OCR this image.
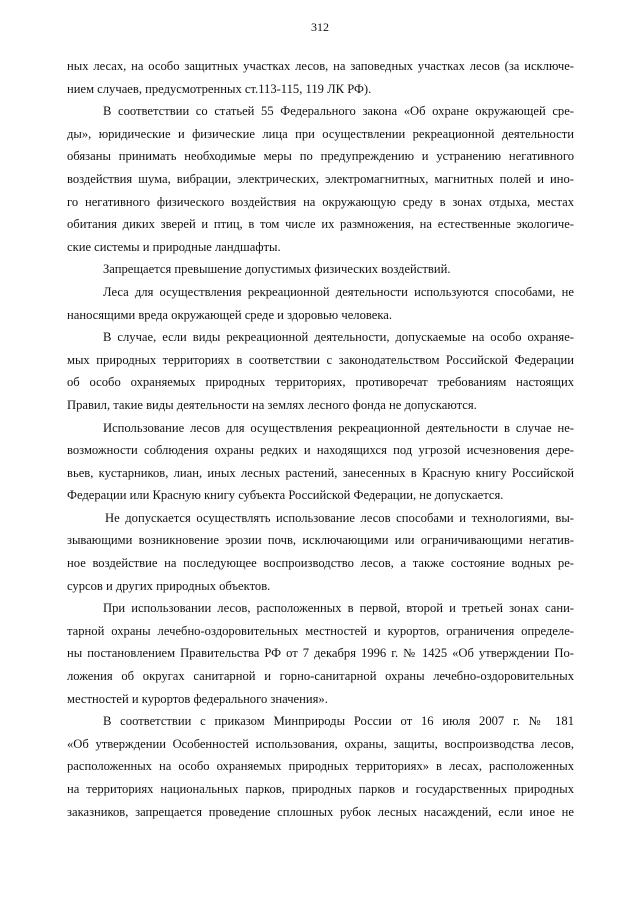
312
ных лесах, на особо защитных участках лесов, на заповедных участках лесов (за исключе-
нием случаев, предусмотренных ст.113-115, 119 ЛК РФ).
В соответствии со статьей 55 Федерального закона «Об охране окружающей сре-
ды», юридические и физические лица при осуществлении рекреационной деятельности
обязаны принимать необходимые меры по предупреждению и устранению негативного
воздействия шума, вибрации, электрических, электромагнитных, магнитных полей и ино-
го негативного физического воздействия на окружающую среду в зонах отдыха, местах
обитания диких зверей и птиц, в том числе их размножения, на естественные экологиче-
ские системы и природные ландшафты.
Запрещается превышение допустимых физических воздействий.
Леса для осуществления рекреационной деятельности используются способами, не
наносящими вреда окружающей среде и здоровью человека.
В случае, если виды рекреационной деятельности, допускаемые на особо охраняе-
мых природных территориях в соответствии с законодательством Российской Федерации
об особо охраняемых природных территориях, противоречат требованиям настоящих
Правил, такие виды деятельности на землях лесного фонда не допускаются.
Использование лесов для осуществления рекреационной деятельности в случае не-
возможности соблюдения охраны редких и находящихся под угрозой исчезновения дере-
вьев, кустарников, лиан, иных лесных растений, занесенных в Красную книгу Российской
Федерации или Красную книгу субъекта Российской Федерации, не допускается.
Не допускается осуществлять использование лесов способами и технологиями, вы-
зывающими возникновение эрозии почв, исключающими или ограничивающими негатив-
ное воздействие на последующее воспроизводство лесов, а также состояние водных ре-
сурсов и других природных объектов.
При использовании лесов, расположенных в первой, второй и третьей зонах сани-
тарной охраны лечебно-оздоровительных местностей и курортов, ограничения определе-
ны постановлением Правительства РФ от 7 декабря 1996 г. № 1425 «Об утверждении По-
ложения об округах санитарной и горно-санитарной охраны лечебно-оздоровительных
местностей и курортов федерального значения».
В соответствии с приказом Минприроды России от 16 июля 2007 г. № 181
«Об утверждении Особенностей использования, охраны, защиты, воспроизводства лесов,
расположенных на особо охраняемых природных территориях» в лесах, расположенных
на территориях национальных парков, природных парков и государственных природных
заказников, запрещается проведение сплошных рубок лесных насаждений, если иное не
